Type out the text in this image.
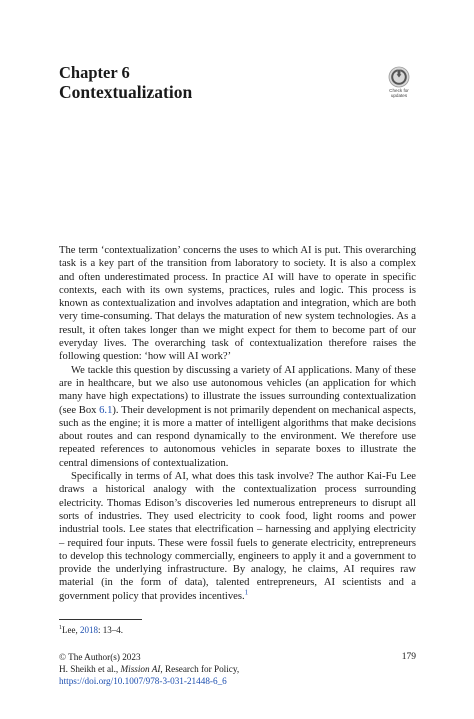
Chapter 6
Contextualization	Check for
updates

The term ‘contextualization’ concerns the uses to which AI is put. This overarching task is a key part of the transition from laboratory to society. It is also a complex and often underestimated process. In practice AI will have to operate in specific contexts, each with its own systems, practices, rules and logic. This process is known as contextualization and involves adaptation and integration, which are both very time-consuming. That delays the maturation of new system technologies. As a result, it often takes longer than we might expect for them to become part of our everyday lives. The overarching task of contextualization therefore raises the following question: ‘how will AI work?’

We tackle this question by discussing a variety of AI applications. Many of these are in healthcare, but we also use autonomous vehicles (an application for which many have high expectations) to illustrate the issues surrounding contextualization (see Box 6.1). Their development is not primarily dependent on mechanical aspects, such as the engine; it is more a matter of intelligent algorithms that make decisions about routes and can respond dynamically to the environment. We therefore use repeated references to autonomous vehicles in separate boxes to illustrate the central dimensions of contextualization.

Specifically in terms of AI, what does this task involve? The author Kai-Fu Lee draws a historical analogy with the contextualization process surrounding electricity. Thomas Edison’s discoveries led numerous entrepreneurs to disrupt all sorts of industries. They used electricity to cook food, light rooms and power industrial tools. Lee states that electrification – harnessing and applying electricity – required four inputs. These were fossil fuels to generate electricity, entrepreneurs to develop this technology commercially, engineers to apply it and a government to provide the underlying infrastructure. By analogy, he claims, AI requires raw material (in the form of data), talented entrepreneurs, AI scientists and a government policy that provides incentives.$^1$

$^1$Lee, 2018: 13–4.
© The Author(s) 2023
H. Sheikh et al., Mission AI, Research for Policy,
https://doi.org/10.1007/978-3-031-21448-6_6
179
